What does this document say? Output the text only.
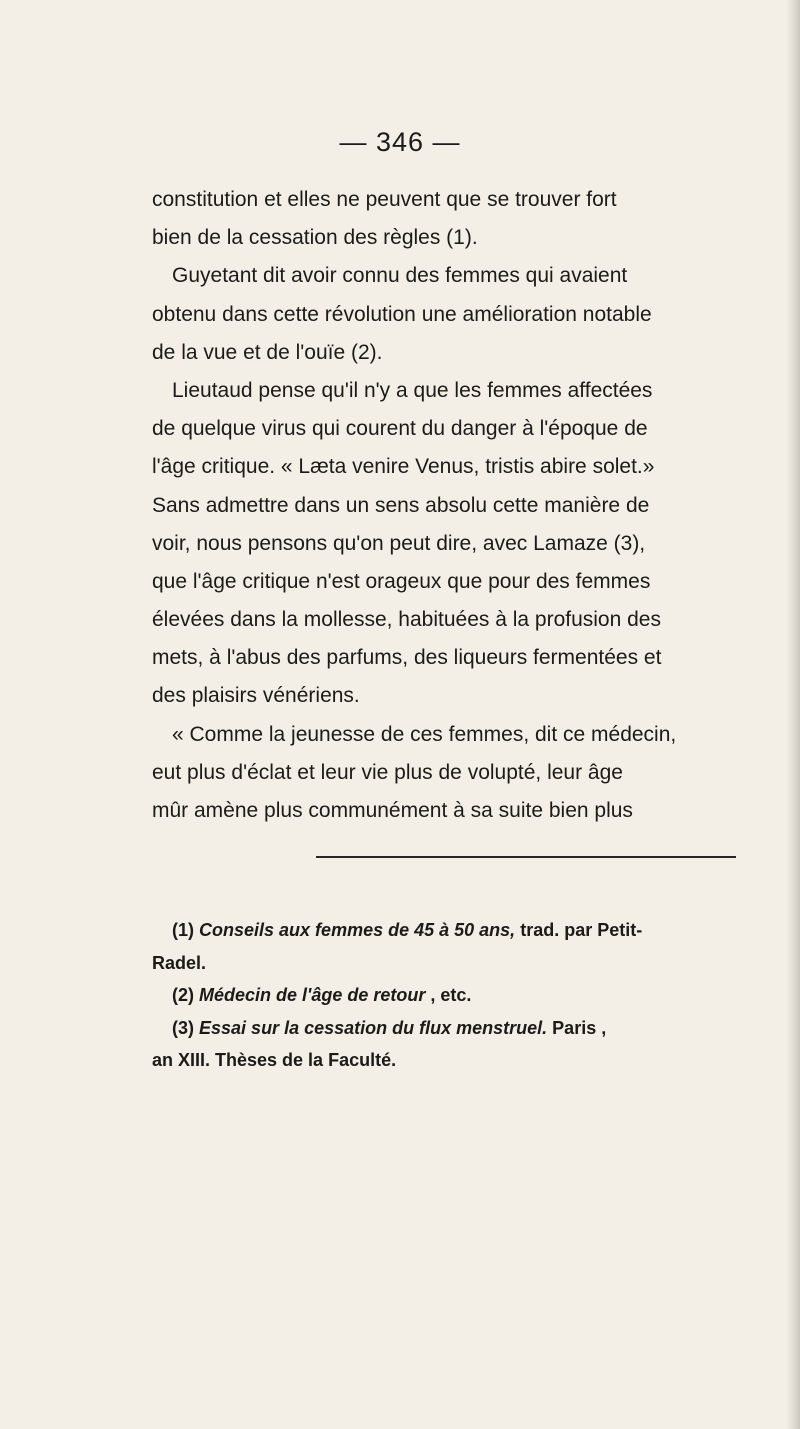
— 346 —
constitution et elles ne peuvent que se trouver fort
bien de la cessation des règles (1).
Guyetant dit avoir connu des femmes qui avaient
obtenu dans cette révolution une amélioration notable
de la vue et de l'ouïe (2).
Lieutaud pense qu'il n'y a que les femmes affectées
de quelque virus qui courent du danger à l'époque de
l'âge critique. « Læta venire Venus, tristis abire solet.»
Sans admettre dans un sens absolu cette manière de
voir, nous pensons qu'on peut dire, avec Lamaze (3),
que l'âge critique n'est orageux que pour des femmes
élevées dans la mollesse, habituées à la profusion des
mets, à l'abus des parfums, des liqueurs fermentées et
des plaisirs vénériens.
« Comme la jeunesse de ces femmes, dit ce médecin,
eut plus d'éclat et leur vie plus de volupté, leur âge
mûr amène plus communément à sa suite bien plus
(1) Conseils aux femmes de 45 à 50 ans, trad. par Petit-
Radel.
(2) Médecin de l'âge de retour , etc.
(3) Essai sur la cessation du flux menstruel. Paris ,
an XIII. Thèses de la Faculté.
